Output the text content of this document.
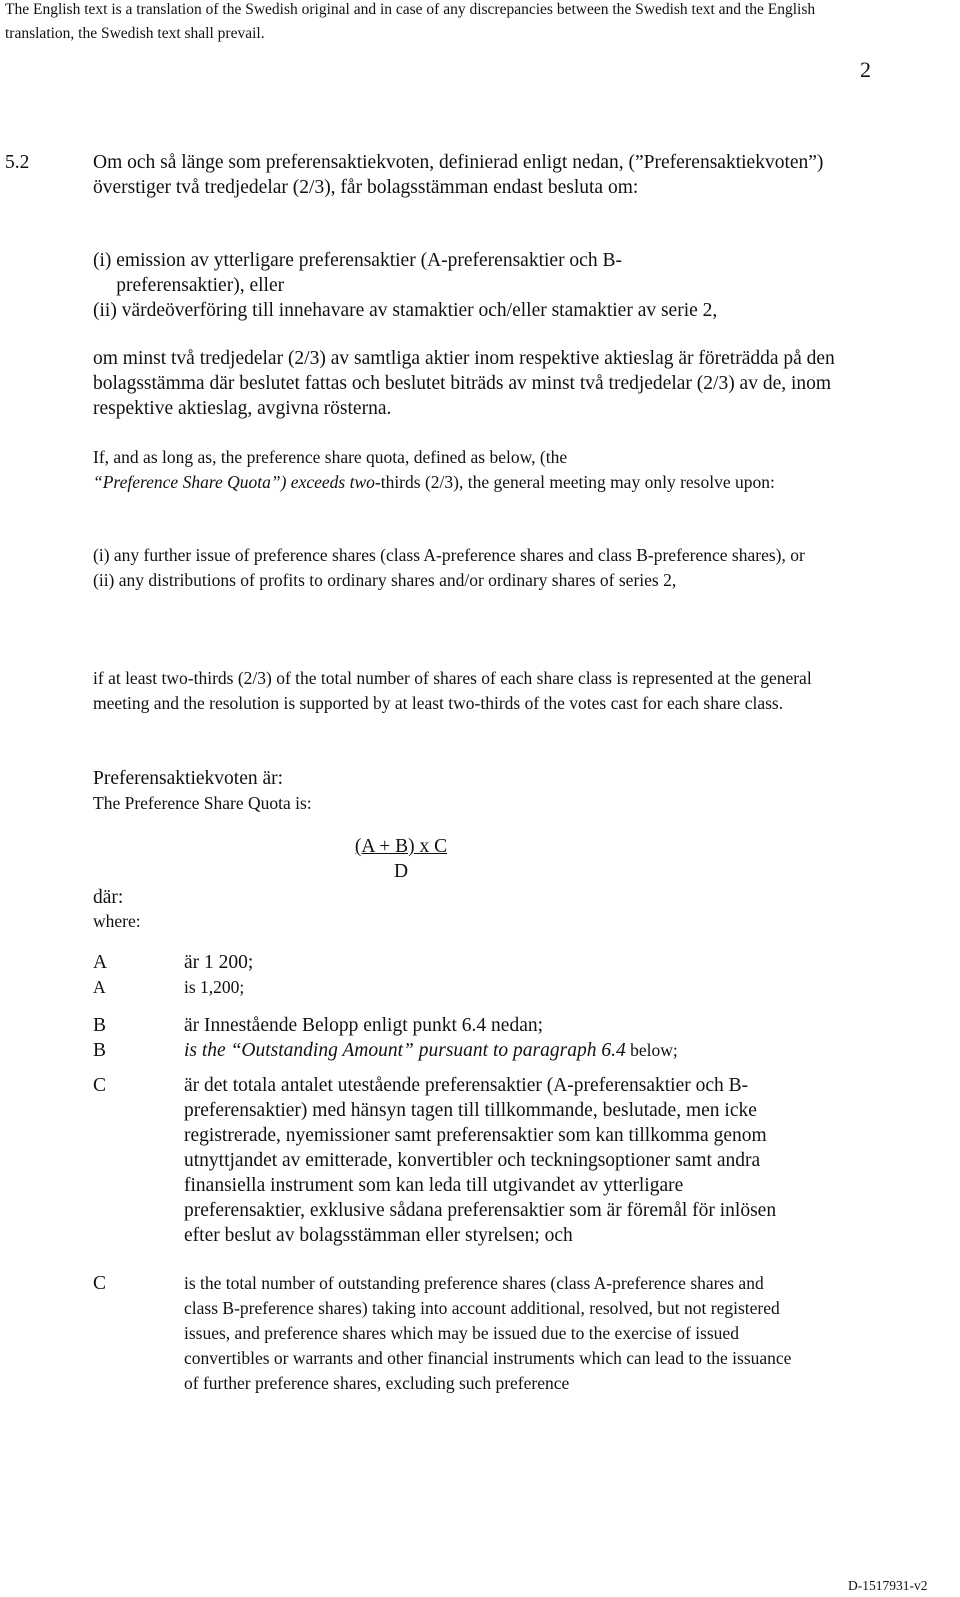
The English text is a translation of the Swedish original and in case of any discrepancies between the Swedish text and the English translation, the Swedish text shall prevail.
2
5.2	Om och så länge som preferensaktiekvoten, definierad enligt nedan, (”Preferensaktiekvoten”) överstiger två tredjedelar (2/3), får bolagsstämman endast besluta om:

(i) emission av ytterligare preferensaktier (A-preferensaktier och B-preferensaktier), eller
(ii) värdeöverföring till innehavare av stamaktier och/eller stamaktier av serie 2,

om minst två tredjedelar (2/3) av samtliga aktier inom respektive aktieslag är företrädda på den bolagsstämma där beslutet fattas och beslutet biträds av minst två tredjedelar (2/3) av de, inom respektive aktieslag, avgivna rösterna.

If, and as long as, the preference share quota, defined as below, (the
“Preference Share Quota”) exceeds two-thirds (2/3), the general meeting may only resolve upon:

(i) any further issue of preference shares (class A-preference shares and class B-preference shares), or
(ii) any distributions of profits to ordinary shares and/or ordinary shares of series 2,

if at least two-thirds (2/3) of the total number of shares of each share class is represented at the general meeting and the resolution is supported by at least two-thirds of the votes cast for each share class.

Preferensaktiekvoten är:
The Preference Share Quota is:
$\frac{\text{(A + B) x C}}{D}$
där:
where:
A	är 1 200;
A	is 1,200;
B	är Innestående Belopp enligt punkt 6.4 nedan;
B	is the “Outstanding Amount” pursuant to paragraph 6.4 below;
C	är det totala antalet utestående preferensaktier (A-preferensaktier och B-preferensaktier) med hänsyn tagen till tillkommande, beslutade, men icke registrerade, nyemissioner samt preferensaktier som kan tillkomma genom utnyttjandet av emitterade, konvertibler och teckningsoptioner samt andra finansiella instrument som kan leda till utgivandet av ytterligare preferensaktier, exklusive sådana preferensaktier som är föremål för inlösen efter beslut av bolagsstämman eller styrelsen; och
C	is the total number of outstanding preference shares (class A-preference shares and class B-preference shares) taking into account additional, resolved, but not registered issues, and preference shares which may be issued due to the exercise of issued convertibles or warrants and other financial instruments which can lead to the issuance of further preference shares, excluding such preference
D-1517931-v2
